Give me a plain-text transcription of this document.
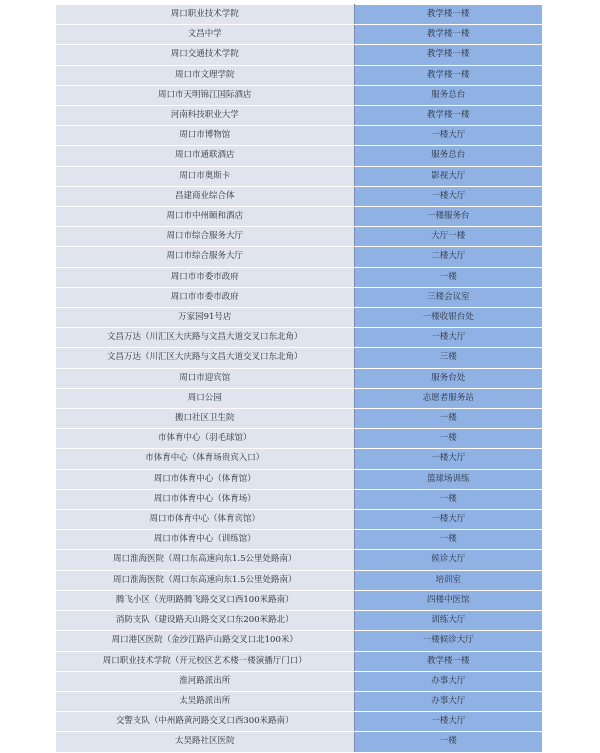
周口职业技术学院	教学楼一楼
文昌中学	教学楼一楼
周口交通技术学院	教学楼一楼
周口市文理学院	教学楼一楼
周口市天明锦江国际酒店	服务总台
河南科技职业大学	教学楼一楼
周口市博物馆	一楼大厅
周口市通联酒店	服务总台
周口市奥斯卡	影视大厅
昌建商业综合体	一楼大厅
周口市中州颐和酒店	一楼服务台
周口市综合服务大厅	大厅一楼
周口市综合服务大厅	二楼大厅
周口市市委市政府	一楼
周口市市委市政府	三楼会议室
万家园91号店	一楼收银台处
文昌万达（川汇区大庆路与文昌大道交叉口东北角）	一楼大厅
文昌万达（川汇区大庆路与文昌大道交叉口东北角）	三楼
周口市迎宾馆	服务台处
周口公园	志愿者服务站
搬口社区卫生院	一楼
市体育中心（羽毛球馆）	一楼
市体育中心（体育场贵宾入口）	一楼大厅
周口市体育中心（体育馆）	篮球场训练
周口市体育中心（体育场）	一楼
周口市体育中心（体育宾馆）	一楼大厅
周口市体育中心（训练馆）	一楼
周口淮海医院（周口东高速向东1.5公里处路南）	候诊大厅
周口淮海医院（周口东高速向东1.5公里处路南）	培训室
腾飞小区（光明路腾飞路交叉口西100米路南）	四楼中医馆
消防支队（建设路天山路交叉口东200米路北）	训练大厅
周口港区医院（金沙江路庐山路交叉口北100米）	一楼候诊大厅
周口职业技术学院（开元校区艺术楼一楼演播厅门口）	教学楼一楼
淮河路派出所	办事大厅
太昊路派出所	办事大厅
交警支队（中州路黄河路交叉口西300米路南）	一楼大厅
太昊路社区医院	一楼
